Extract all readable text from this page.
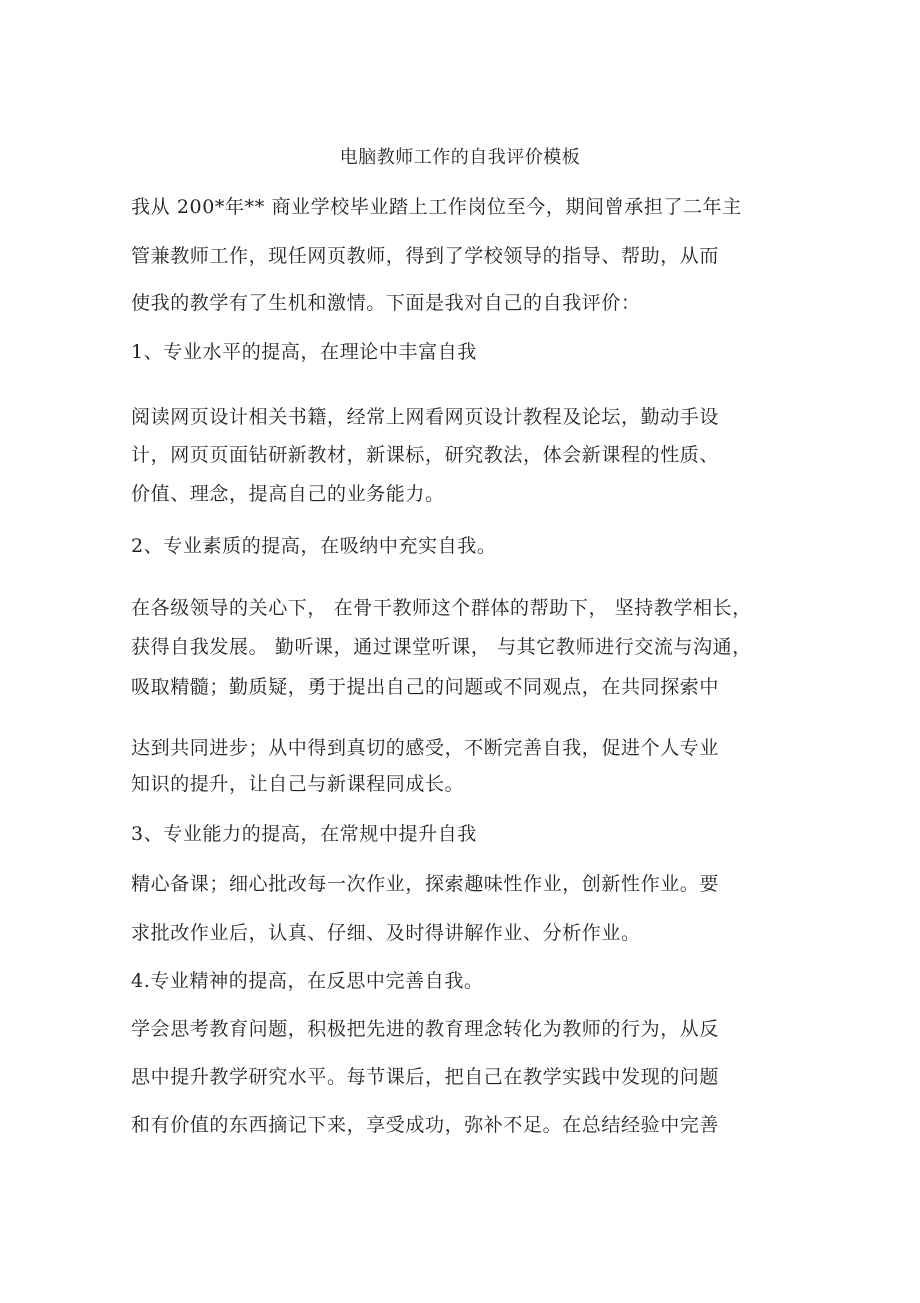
电脑教师工作的自我评价模板
我从 200*年** 商业学校毕业踏上工作岗位至今，期间曾承担了二年主
管兼教师工作，现任网页教师，得到了学校领导的指导、帮助，从而
使我的教学有了生机和激情。下面是我对自己的自我评价：
1、专业水平的提高，在理论中丰富自我
阅读网页设计相关书籍，经常上网看网页设计教程及论坛，勤动手设
计，网页页面钻研新教材，新课标，研究教法，体会新课程的性质、
价值、理念，提高自己的业务能力。
2、专业素质的提高，在吸纳中充实自我。
在各级领导的关心下， 在骨干教师这个群体的帮助下， 坚持教学相长，
获得自我发展。 勤听课，通过课堂听课， 与其它教师进行交流与沟通，
吸取精髓；勤质疑，勇于提出自己的问题或不同观点，在共同探索中
达到共同进步；从中得到真切的感受，不断完善自我，促进个人专业
知识的提升，让自己与新课程同成长。
3、专业能力的提高，在常规中提升自我
精心备课；细心批改每一次作业，探索趣味性作业，创新性作业。要
求批改作业后，认真、仔细、及时得讲解作业、分析作业。
4.专业精神的提高，在反思中完善自我。
学会思考教育问题，积极把先进的教育理念转化为教师的行为，从反
思中提升教学研究水平。每节课后，把自己在教学实践中发现的问题
和有价值的东西摘记下来，享受成功，弥补不足。在总结经验中完善
